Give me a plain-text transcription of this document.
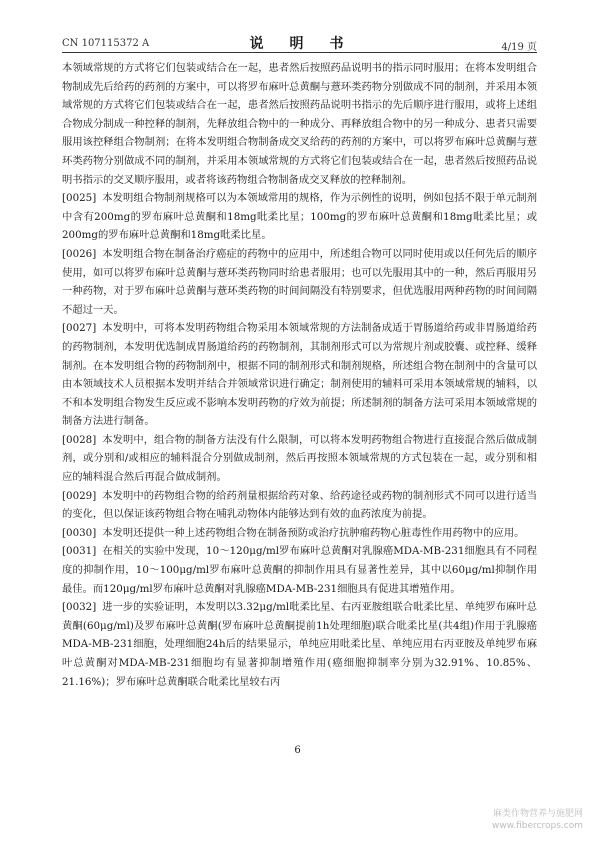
CN 107115372 A	说　明　书	4/19 页

本领域常规的方式将它们包装或结合在一起，患者然后按照药品说明书的指示同时服用；在将本发明组合物制成先后给药的药剂的方案中，可以将罗布麻叶总黄酮与薏环类药物分别做成不同的制剂，并采用本领域常规的方式将它们包装或结合在一起，患者然后按照药品说明书指示的先后顺序进行服用，或将上述组合物成分制成一种控释的制剂，先释放组合物中的一种成分、再释放组合物中的另一种成分、患者只需要服用该控释组合物制剂；在将本发明组合物制备成交叉给药的药剂的方案中，可以将罗布麻叶总黄酮与薏环类药物分别做成不同的制剂，并采用本领域常规的方式将它们包装或结合在一起，患者然后按照药品说明书指示的交叉顺序服用，或者将该药物组合物制备成交叉释放的控释制剂。

[0025] 本发明组合物制剂规格可以为本领域常用的规格，作为示例性的说明，例如包括不限于单元制剂中含有200mg的罗布麻叶总黄酮和18mg吡柔比星；100mg的罗布麻叶总黄酮和18mg吡柔比星；或200mg的罗布麻叶总黄酮和18mg吡柔比星。

[0026] 本发明组合物在制备治疗癌症的药物中的应用中，所述组合物可以同时使用或以任何先后的顺序使用，如可以将罗布麻叶总黄酮与薏环类药物同时给患者服用；也可以先服用其中的一种，然后再服用另一种药物，对于罗布麻叶总黄酮与薏环类药物的时间间隔没有特别要求，但优选服用两种药物的时间间隔不超过一天。

[0027] 本发明中，可将本发明药物组合物采用本领域常规的方法制备成适于胃肠道给药或非胃肠道给药的药物制剂，本发明优选制成胃肠道给药的药物制剂，其制剂形式可以为常规片剂或胶囊、或控释、缓释制剂。在本发明组合物的药物制剂中，根据不同的制剂形式和制剂规格，所述组合物在制剂中的含量可以由本领域技术人员根据本发明并结合并领域常识进行确定；制剂使用的辅料可采用本领域常规的辅料，以不和本发明组合物发生反应或不影响本发明药物的疗效为前提；所述制剂的制备方法可采用本领域常规的制备方法进行制备。

[0028] 本发明中，组合物的制备方法没有什么限制，可以将本发明药物组合物进行直接混合然后做成制剂，或分别和/或相应的辅料混合分别做成制剂，然后再按照本领域常规的方式包装在一起，或分别和相应的辅料混合然后再混合做成制剂。

[0029] 本发明中的药物组合物的给药剂量根据给药对象、给药途径或药物的制剂形式不同可以进行适当的变化，但以保证该药物组合物在哺乳动物体内能够达到有效的血药浓度为前提。

[0030] 本发明还提供一种上述药物组合物在制备预防或治疗抗肿瘤药物心脏毒性作用药物中的应用。

[0031] 在相关的实验中发现，10～120μg/ml罗布麻叶总黄酮对乳腺癌MDA-MB-231细胞具有不同程度的抑制作用，10～100μg/ml罗布麻叶总黄酮的抑制作用具有显著性差异，其中以60μg/ml抑制作用最佳。而120μg/ml罗布麻叶总黄酮对乳腺癌MDA-MB-231细胞具有促进其增殖作用。

[0032] 进一步的实验证明，本发明以3.32μg/ml吡柔比星、右丙亚胺组联合吡柔比星、单纯罗布麻叶总黄酮(60μg/ml)及罗布麻叶总黄酮(罗布麻叶总黄酮提前1h处理细胞)联合吡柔比星(共4组)作用于乳腺癌MDA-MB-231细胞，处理细胞24h后的结果显示，单纯应用吡柔比星、单纯应用右丙亚胺及单纯罗布麻叶总黄酮对MDA-MB-231细胞均有显著抑制增殖作用(癌细胞抑制率分别为32.91%、10.85%、21.16%)；罗布麻叶总黄酮联合吡柔比星较右丙

6
麻类作物营养与施肥网
www.fibercrops.com
